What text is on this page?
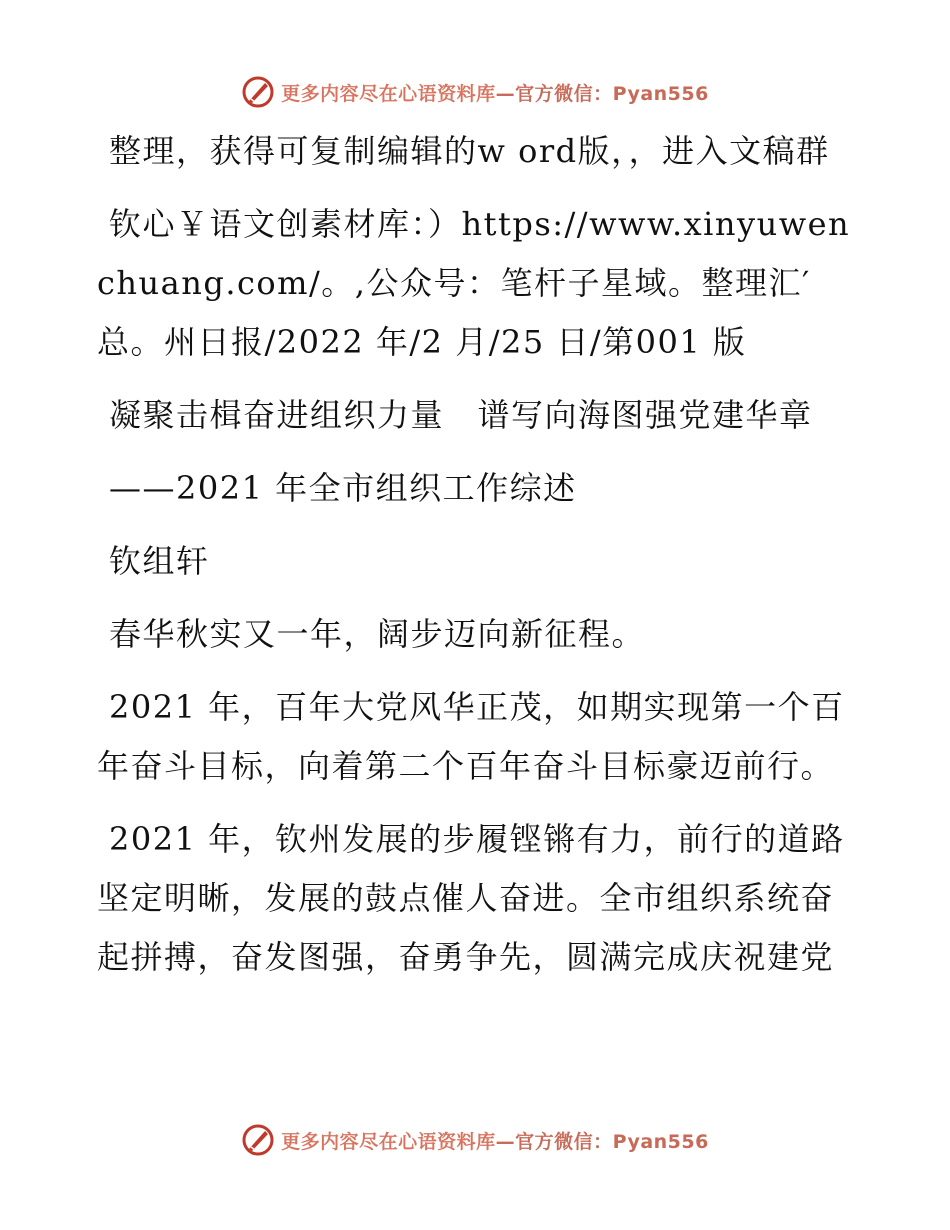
更多内容尽在心语资料库—官方微信：Pyan556

整理，获得可复制编辑的w ord版，，进入文稿群

钦心￥语文创素材库：）https://www.xinyuwenchuang.com/。,公众号：笔杆子星域。整理汇′总。州日报/2022 年/2 月/25 日/第001 版

凝聚击楫奋进组织力量　谱写向海图强党建华章

——2021 年全市组织工作综述

钦组轩

春华秋实又一年，阔步迈向新征程。

2021 年，百年大党风华正茂，如期实现第一个百年奋斗目标，向着第二个百年奋斗目标豪迈前行。

2021 年，钦州发展的步履铿锵有力，前行的道路坚定明晰，发展的鼓点催人奋进。全市组织系统奋起拼搏，奋发图强，奋勇争先，圆满完成庆祝建党

更多内容尽在心语资料库—官方微信：Pyan556
